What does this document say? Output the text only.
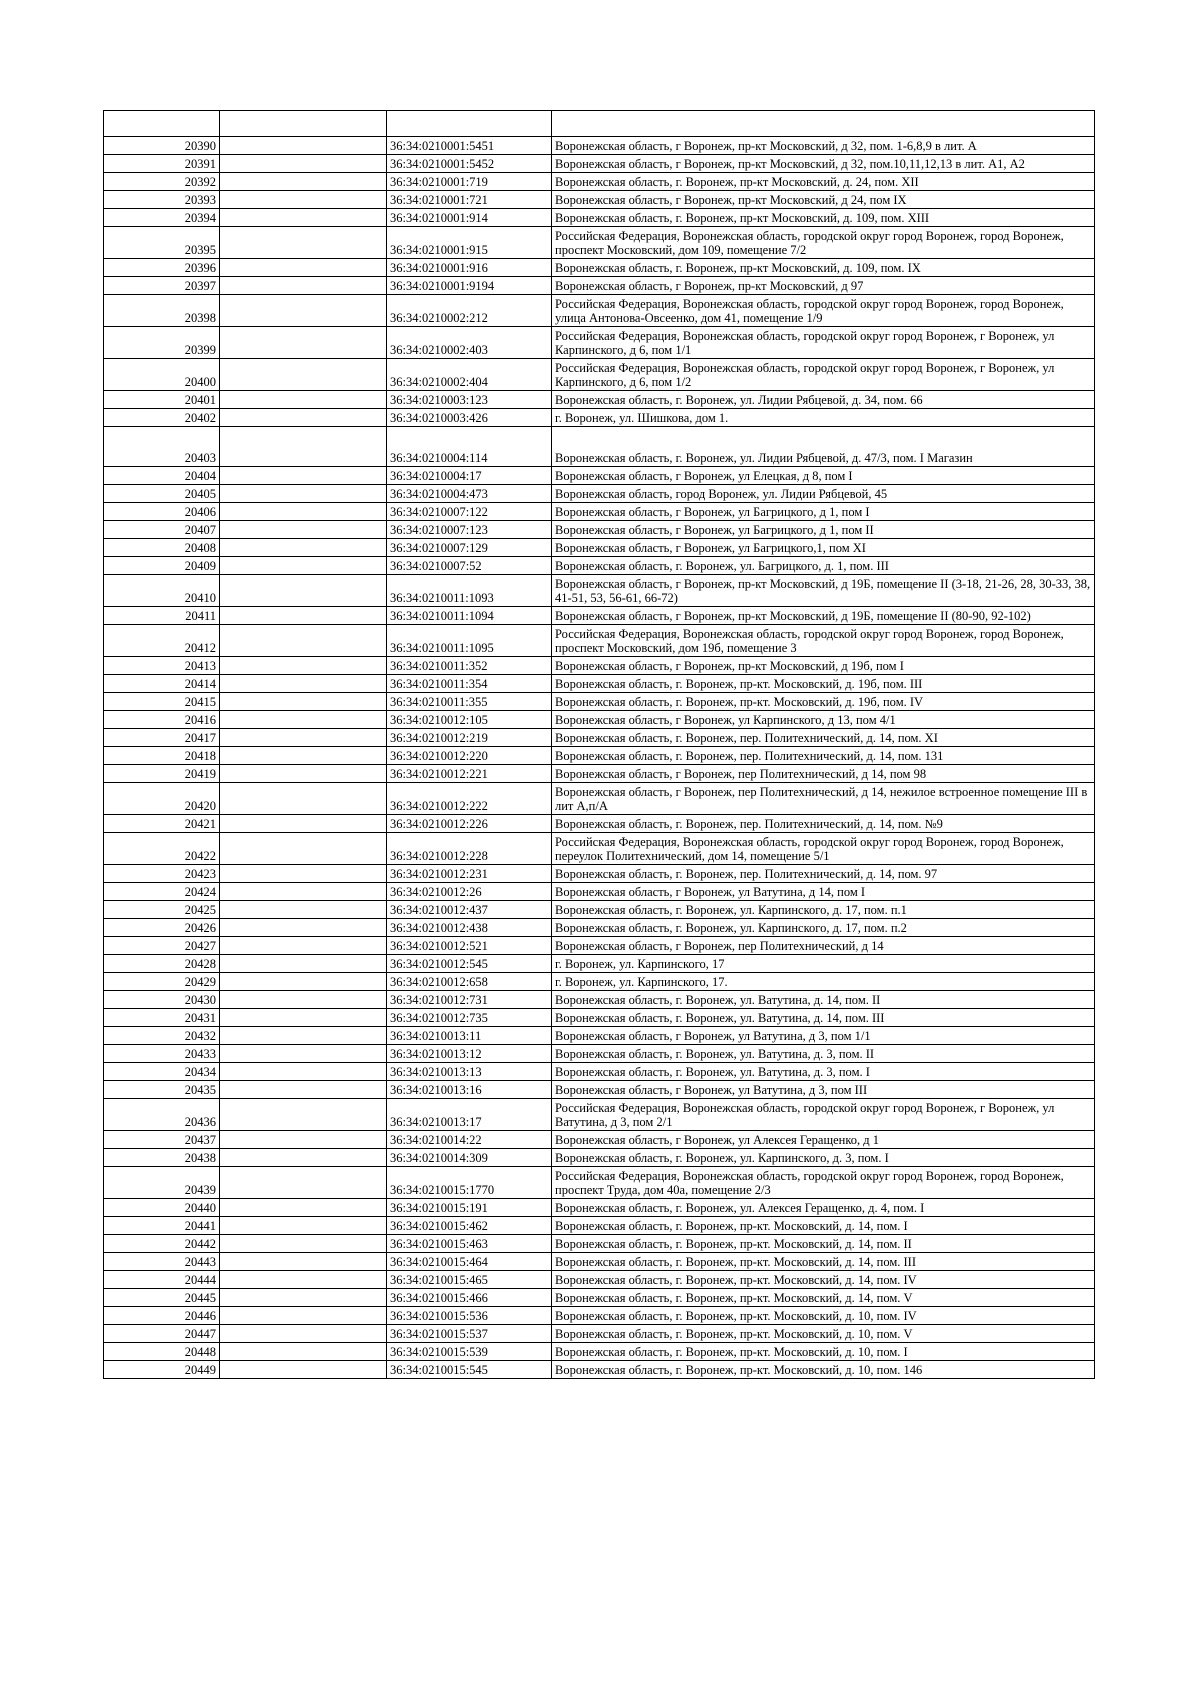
20390		36:34:0210001:5451	Воронежская область, г Воронеж, пр-кт Московский, д 32, пом. 1-6,8,9 в лит. А
20391		36:34:0210001:5452	Воронежская область, г Воронеж, пр-кт Московский, д 32, пом.10,11,12,13 в лит. А1, А2
20392		36:34:0210001:719	Воронежская область, г. Воронеж, пр-кт Московский, д. 24, пом. XII
20393		36:34:0210001:721	Воронежская область, г Воронеж, пр-кт Московский, д 24, пом IX
20394		36:34:0210001:914	Воронежская область, г. Воронеж, пр-кт Московский, д. 109, пом. XIII
20395		36:34:0210001:915	Российская Федерация, Воронежская область, городской округ город Воронеж, город Воронеж, проспект Московский, дом 109, помещение 7/2
20396		36:34:0210001:916	Воронежская область, г. Воронеж, пр-кт Московский, д. 109, пом. IX
20397		36:34:0210001:9194	Воронежская область, г Воронеж, пр-кт Московский, д 97
20398		36:34:0210002:212	Российская Федерация, Воронежская область, городской округ город Воронеж, город Воронеж, улица Антонова-Овсеенко, дом 41, помещение 1/9
20399		36:34:0210002:403	Российская Федерация, Воронежская область, городской округ город Воронеж, г Воронеж, ул Карпинского, д 6, пом 1/1
20400		36:34:0210002:404	Российская Федерация, Воронежская область, городской округ город Воронеж, г Воронеж, ул Карпинского, д 6, пом 1/2
20401		36:34:0210003:123	Воронежская область, г. Воронеж, ул. Лидии Рябцевой, д. 34, пом. 66
20402		36:34:0210003:426	г. Воронеж, ул. Шишкова, дом 1.
20403		36:34:0210004:114	Воронежская область, г. Воронеж, ул. Лидии Рябцевой, д. 47/3, пом. I Магазин
20404		36:34:0210004:17	Воронежская область, г Воронеж, ул Елецкая, д 8, пом I
20405		36:34:0210004:473	Воронежская область, город Воронеж, ул. Лидии Рябцевой, 45
20406		36:34:0210007:122	Воронежская область, г Воронеж, ул Багрицкого, д 1, пом I
20407		36:34:0210007:123	Воронежская область, г Воронеж, ул Багрицкого, д 1, пом II
20408		36:34:0210007:129	Воронежская область, г Воронеж, ул Багрицкого,1, пом XI
20409		36:34:0210007:52	Воронежская область, г. Воронеж, ул. Багрицкого, д. 1, пом. III
20410		36:34:0210011:1093	Воронежская область, г Воронеж, пр-кт Московский, д 19Б, помещение II (3-18, 21-26, 28, 30-33, 38, 41-51, 53, 56-61, 66-72)
20411		36:34:0210011:1094	Воронежская область, г Воронеж, пр-кт Московский, д 19Б, помещение II (80-90, 92-102)
20412		36:34:0210011:1095	Российская Федерация, Воронежская область, городской округ город Воронеж, город Воронеж, проспект Московский, дом 19б, помещение 3
20413		36:34:0210011:352	Воронежская область, г Воронеж, пр-кт Московский, д 19б, пом I
20414		36:34:0210011:354	Воронежская область, г. Воронеж, пр-кт. Московский, д. 19б, пом. III
20415		36:34:0210011:355	Воронежская область, г. Воронеж, пр-кт. Московский, д. 19б, пом. IV
20416		36:34:0210012:105	Воронежская область, г Воронеж, ул Карпинского, д 13, пом 4/1
20417		36:34:0210012:219	Воронежская область, г. Воронеж, пер. Политехнический, д. 14, пом. XI
20418		36:34:0210012:220	Воронежская область, г. Воронеж, пер. Политехнический, д. 14, пом. 131
20419		36:34:0210012:221	Воронежская область, г Воронеж, пер Политехнический, д 14, пом 98
20420		36:34:0210012:222	Воронежская область, г Воронеж, пер Политехнический, д 14, нежилое встроенное помещение III в лит А,п/А
20421		36:34:0210012:226	Воронежская область, г. Воронеж, пер. Политехнический, д. 14, пом. №9
20422		36:34:0210012:228	Российская Федерация, Воронежская область, городской округ город Воронеж, город Воронеж, переулок Политехнический, дом 14, помещение 5/1
20423		36:34:0210012:231	Воронежская область, г. Воронеж, пер. Политехнический, д. 14, пом. 97
20424		36:34:0210012:26	Воронежская область, г Воронеж, ул Ватутина, д 14, пом I
20425		36:34:0210012:437	Воронежская область, г. Воронеж, ул. Карпинского, д. 17, пом. п.1
20426		36:34:0210012:438	Воронежская область, г. Воронеж, ул. Карпинского, д. 17, пом. п.2
20427		36:34:0210012:521	Воронежская область, г Воронеж, пер Политехнический, д 14
20428		36:34:0210012:545	г. Воронеж, ул. Карпинского, 17
20429		36:34:0210012:658	г. Воронеж, ул. Карпинского, 17.
20430		36:34:0210012:731	Воронежская область, г. Воронеж, ул. Ватутина, д. 14, пом. II
20431		36:34:0210012:735	Воронежская область, г. Воронеж, ул. Ватутина, д. 14, пом. III
20432		36:34:0210013:11	Воронежская область, г Воронеж, ул Ватутина, д 3, пом 1/1
20433		36:34:0210013:12	Воронежская область, г. Воронеж, ул. Ватутина, д. 3, пом. II
20434		36:34:0210013:13	Воронежская область, г. Воронеж, ул. Ватутина, д. 3, пом. I
20435		36:34:0210013:16	Воронежская область, г Воронеж, ул Ватутина, д 3, пом III
20436		36:34:0210013:17	Российская Федерация, Воронежская область, городской округ город Воронеж, г Воронеж, ул Ватутина, д 3, пом 2/1
20437		36:34:0210014:22	Воронежская область, г Воронеж, ул Алексея Геращенко, д 1
20438		36:34:0210014:309	Воронежская область, г. Воронеж, ул. Карпинского, д. 3, пом. I
20439		36:34:0210015:1770	Российская Федерация, Воронежская область, городской округ город Воронеж, город Воронеж, проспект Труда, дом 40а, помещение 2/3
20440		36:34:0210015:191	Воронежская область, г. Воронеж, ул. Алексея Геращенко, д. 4, пом. I
20441		36:34:0210015:462	Воронежская область, г. Воронеж, пр-кт. Московский, д. 14, пом. I
20442		36:34:0210015:463	Воронежская область, г. Воронеж, пр-кт. Московский, д. 14, пом. II
20443		36:34:0210015:464	Воронежская область, г. Воронеж, пр-кт. Московский, д. 14, пом. III
20444		36:34:0210015:465	Воронежская область, г. Воронеж, пр-кт. Московский, д. 14, пом. IV
20445		36:34:0210015:466	Воронежская область, г. Воронеж, пр-кт. Московский, д. 14, пом. V
20446		36:34:0210015:536	Воронежская область, г. Воронеж, пр-кт. Московский, д. 10, пом. IV
20447		36:34:0210015:537	Воронежская область, г. Воронеж, пр-кт. Московский, д. 10, пом. V
20448		36:34:0210015:539	Воронежская область, г. Воронеж, пр-кт. Московский, д. 10, пом. I
20449		36:34:0210015:545	Воронежская область, г. Воронеж, пр-кт. Московский, д. 10, пом. 146
